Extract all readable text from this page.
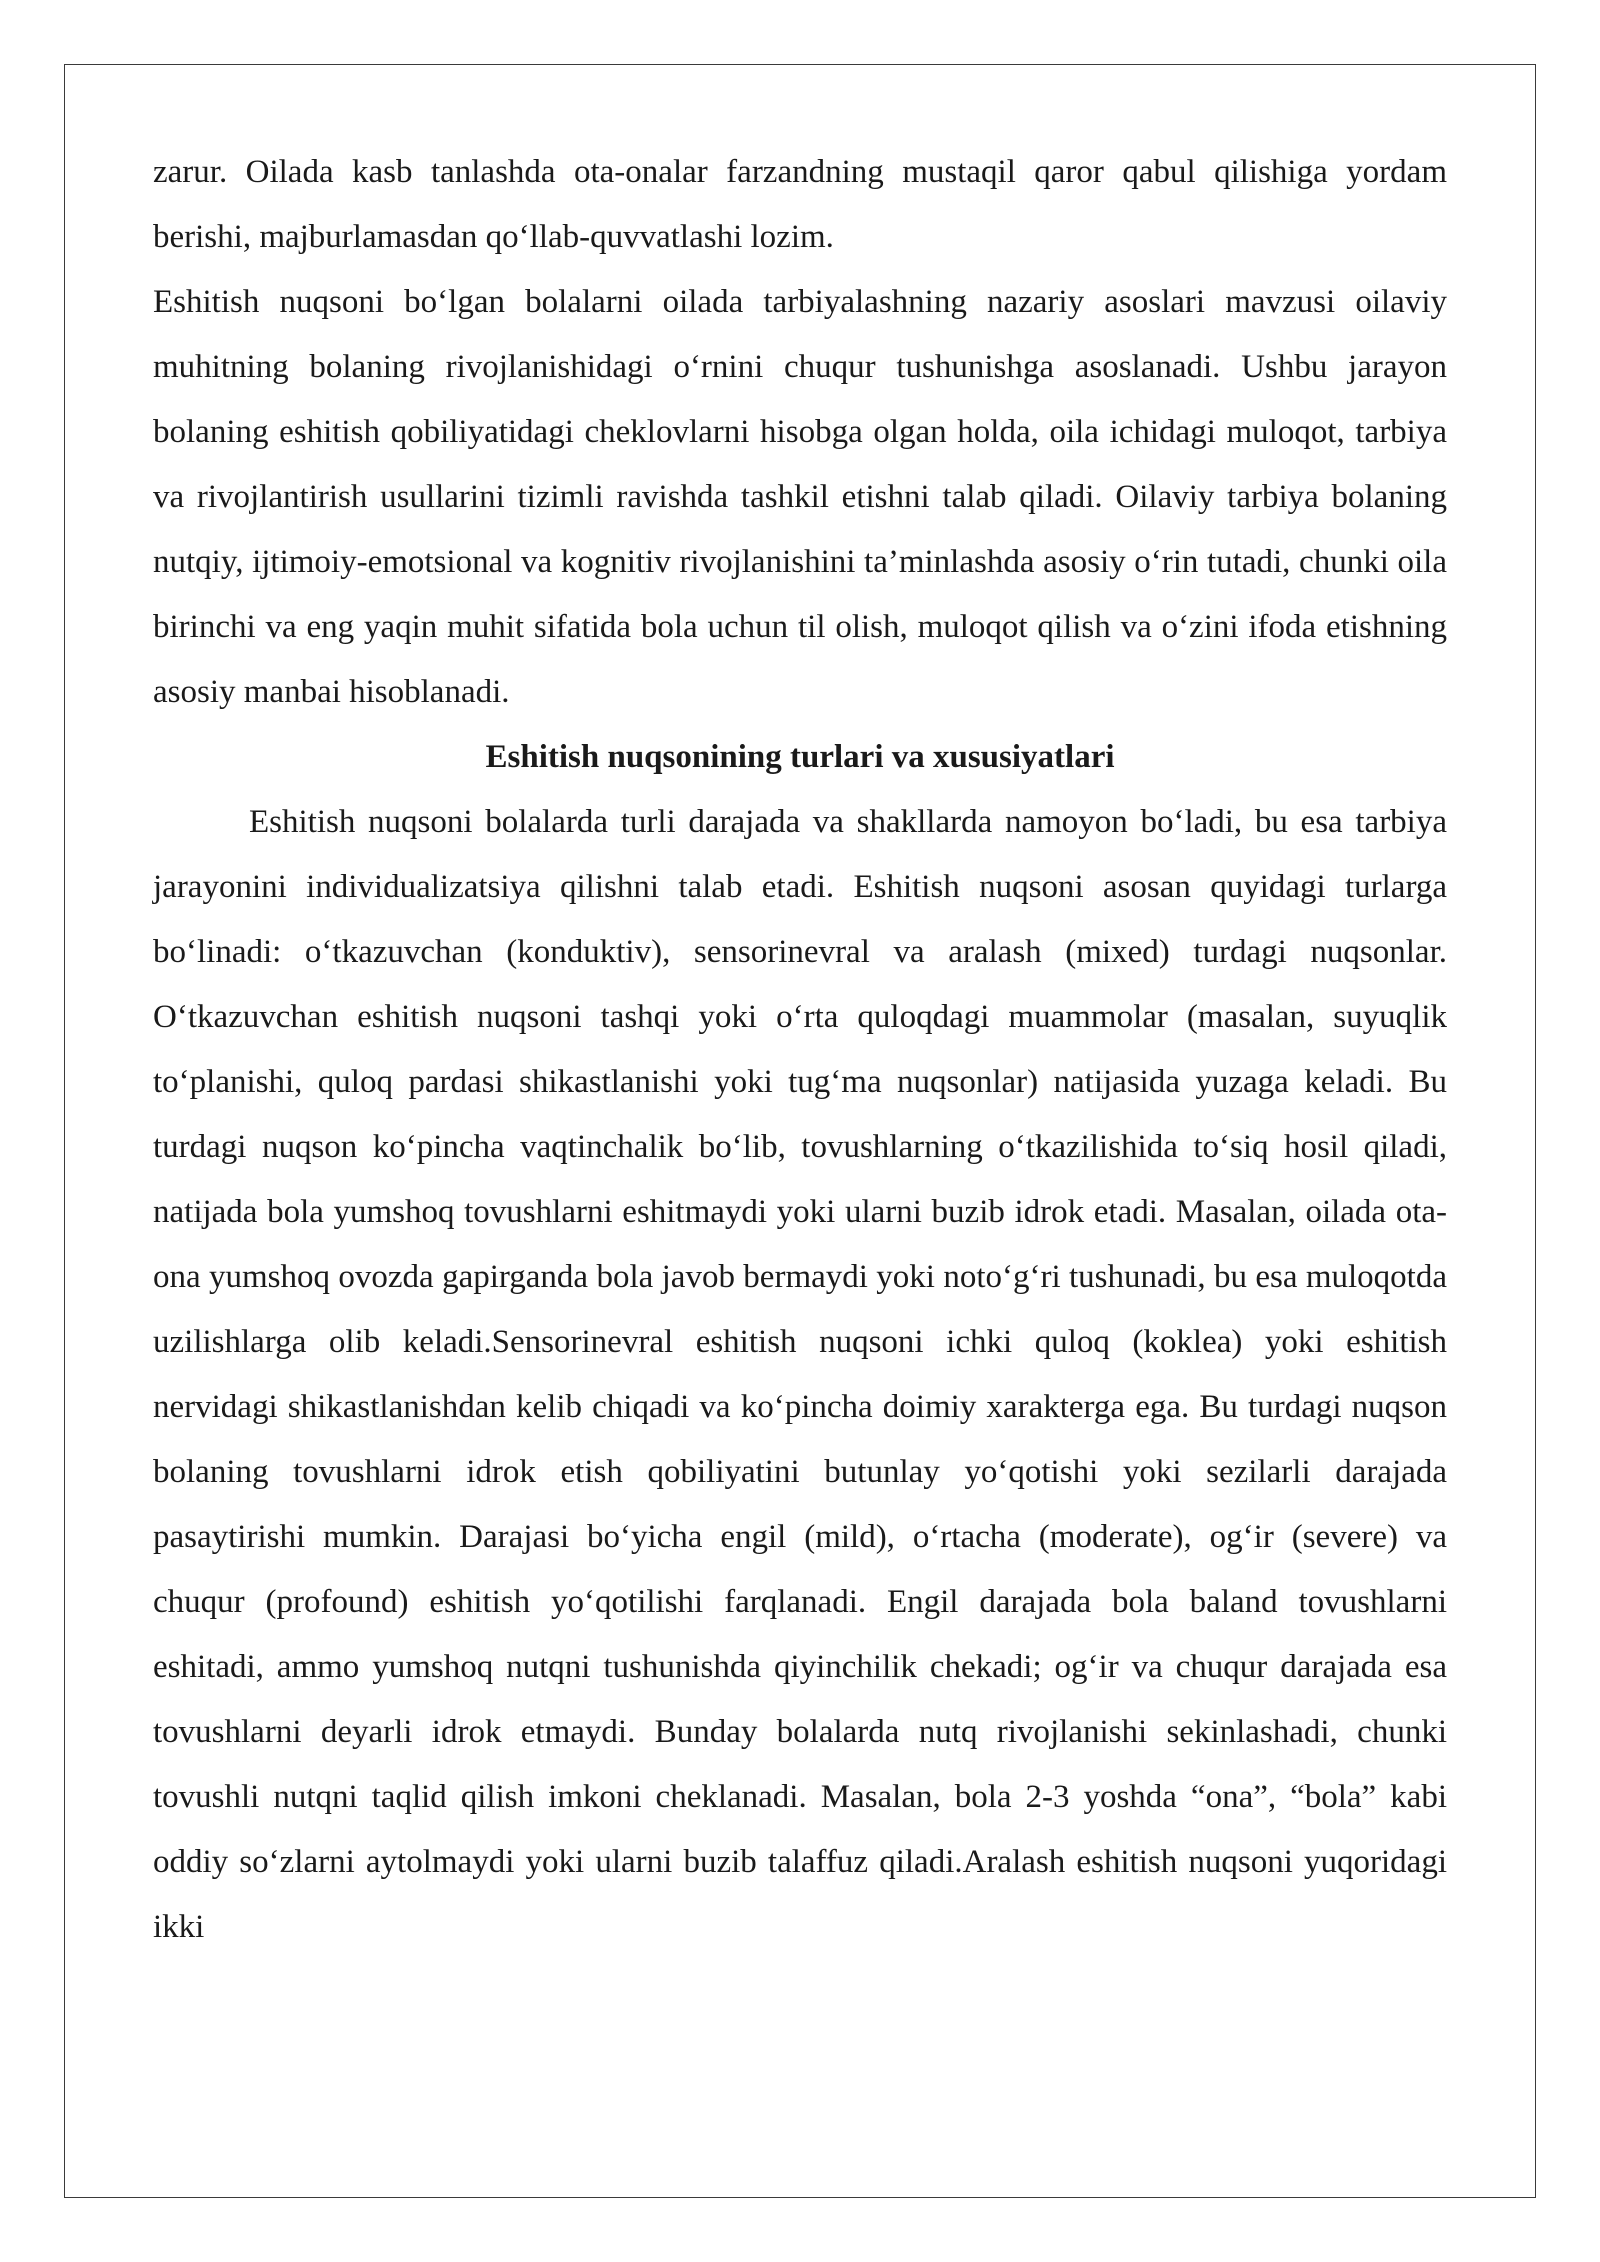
zarur. Oilada kasb tanlashda ota-onalar farzandning mustaqil qaror qabul qilishiga yordam berishi, majburlamasdan qo‘llab-quvvatlashi lozim.

Eshitish nuqsoni bo‘lgan bolalarni oilada tarbiyalashning nazariy asoslari mavzusi oilaviy muhitning bolaning rivojlanishidagi o‘rnini chuqur tushunishga asoslanadi. Ushbu jarayon bolaning eshitish qobiliyatidagi cheklovlarni hisobga olgan holda, oila ichidagi muloqot, tarbiya va rivojlantirish usullarini tizimli ravishda tashkil etishni talab qiladi. Oilaviy tarbiya bolaning nutqiy, ijtimoiy-emotsional va kognitiv rivojlanishini ta’minlashda asosiy o‘rin tutadi, chunki oila birinchi va eng yaqin muhit sifatida bola uchun til olish, muloqot qilish va o‘zini ifoda etishning asosiy manbai hisoblanadi.

Eshitish nuqsonining turlari va xususiyatlari

Eshitish nuqsoni bolalarda turli darajada va shakllarda namoyon bo‘ladi, bu esa tarbiya jarayonini individualizatsiya qilishni talab etadi. Eshitish nuqsoni asosan quyidagi turlarga bo‘linadi: o‘tkazuvchan (konduktiv), sensorinevral va aralash (mixed) turdagi nuqsonlar. O‘tkazuvchan eshitish nuqsoni tashqi yoki o‘rta quloqdagi muammolar (masalan, suyuqlik to‘planishi, quloq pardasi shikastlanishi yoki tug‘ma nuqsonlar) natijasida yuzaga keladi. Bu turdagi nuqson ko‘pincha vaqtinchalik bo‘lib, tovushlarning o‘tkazilishida to‘siq hosil qiladi, natijada bola yumshoq tovushlarni eshitmaydi yoki ularni buzib idrok etadi. Masalan, oilada ota-ona yumshoq ovozda gapirganda bola javob bermaydi yoki noto‘g‘ri tushunadi, bu esa muloqotda uzilishlarga olib keladi.Sensorinevral eshitish nuqsoni ichki quloq (koklea) yoki eshitish nervidagi shikastlanishdan kelib chiqadi va ko‘pincha doimiy xarakterga ega. Bu turdagi nuqson bolaning tovushlarni idrok etish qobiliyatini butunlay yo‘qotishi yoki sezilarli darajada pasaytirishi mumkin. Darajasi bo‘yicha engil (mild), o‘rtacha (moderate), og‘ir (severe) va chuqur (profound) eshitish yo‘qotilishi farqlanadi. Engil darajada bola baland tovushlarni eshitadi, ammo yumshoq nutqni tushunishda qiyinchilik chekadi; og‘ir va chuqur darajada esa tovushlarni deyarli idrok etmaydi. Bunday bolalarda nutq rivojlanishi sekinlashadi, chunki tovushli nutqni taqlid qilish imkoni cheklanadi. Masalan, bola 2-3 yoshda “ona”, “bola” kabi oddiy so‘zlarni aytolmaydi yoki ularni buzib talaffuz qiladi.Aralash eshitish nuqsoni yuqoridagi ikki
